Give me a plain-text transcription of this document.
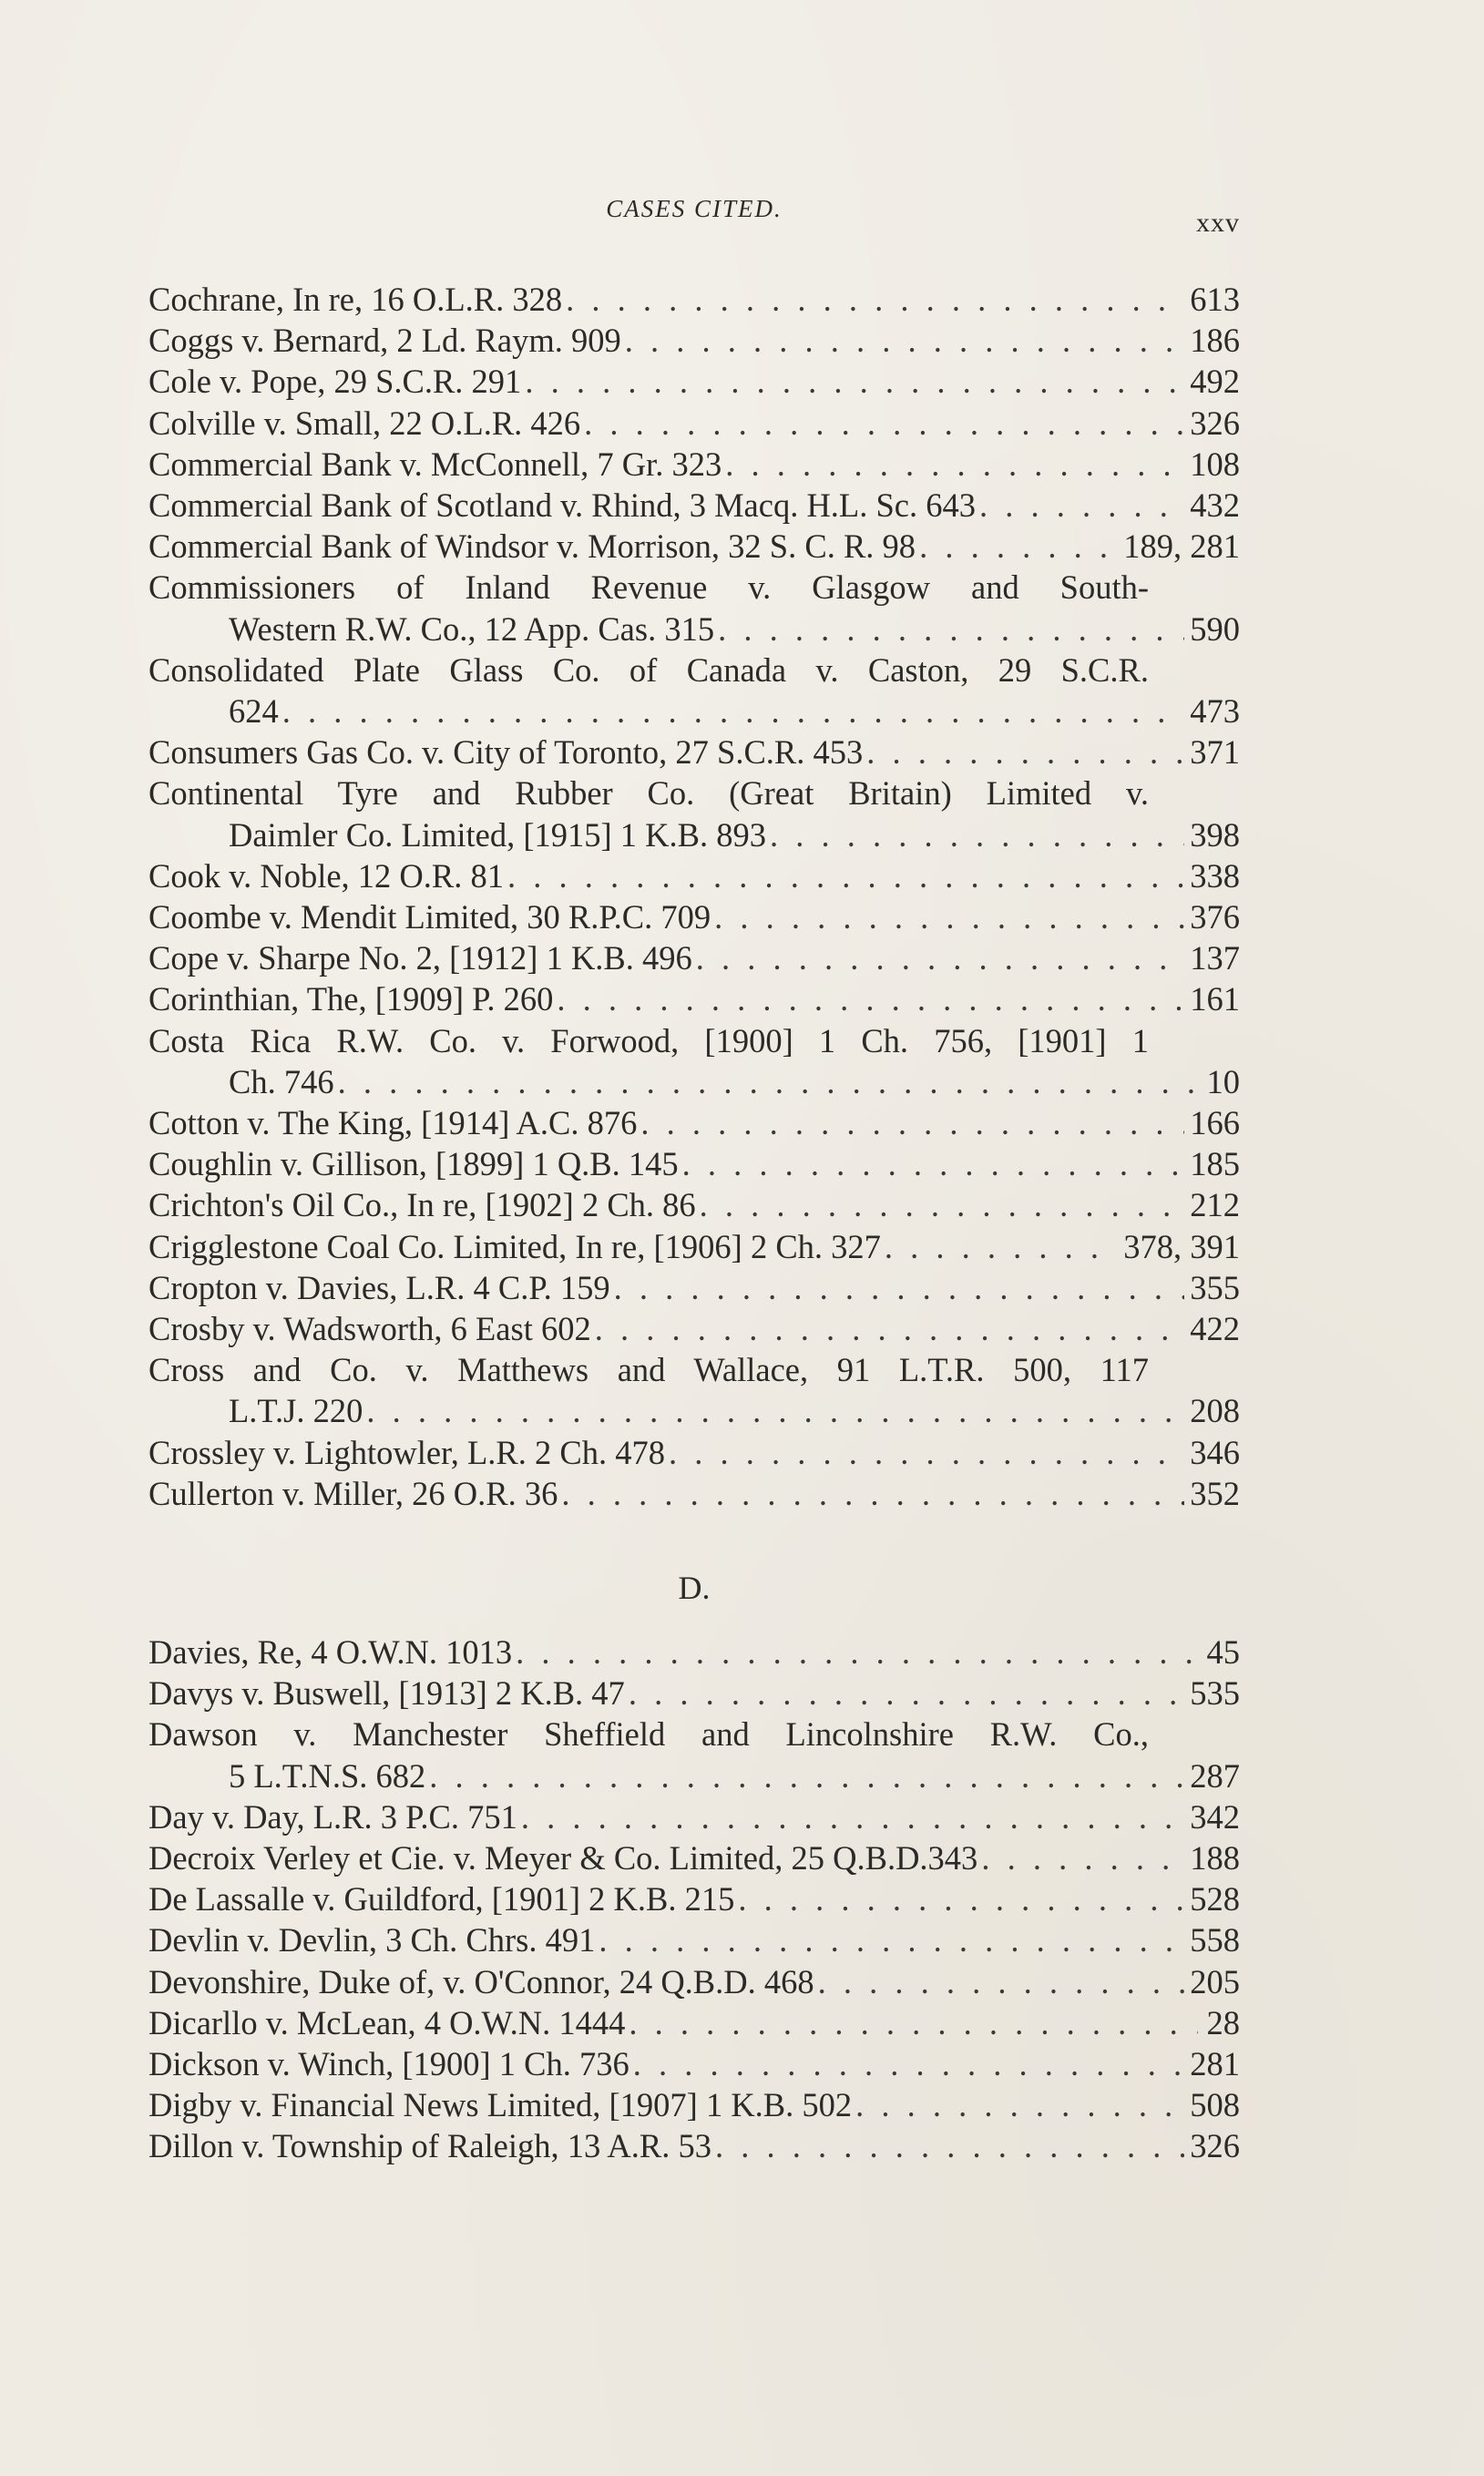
CASES CITED.	xxv
Cochrane, In re, 16 O.L.R. 328 . . .	613
Coggs v. Bernard, 2 Ld. Raym. 909 . . .	186
Cole v. Pope, 29 S.C.R. 291 . . .	492
Colville v. Small, 22 O.L.R. 426 . . .	326
Commercial Bank v. McConnell, 7 Gr. 323 . . .	108
Commercial Bank of Scotland v. Rhind, 3 Macq. H.L. Sc. 643 . . .	432
Commercial Bank of Windsor v. Morrison, 32 S. C. R. 98 . . .	189, 281
Commissioners of Inland Revenue v. Glasgow and South-
Western R.W. Co., 12 App. Cas. 315 . . .	590
Consolidated Plate Glass Co. of Canada v. Caston, 29 S.C.R.
624 . . .	473
Consumers Gas Co. v. City of Toronto, 27 S.C.R. 453 . . .	371
Continental Tyre and Rubber Co. (Great Britain) Limited v.
Daimler Co. Limited, [1915] 1 K.B. 893 . . .	398
Cook v. Noble, 12 O.R. 81 . . .	338
Coombe v. Mendit Limited, 30 R.P.C. 709 . . .	376
Cope v. Sharpe No. 2, [1912] 1 K.B. 496 . . .	137
Corinthian, The, [1909] P. 260 . . .	161
Costa Rica R.W. Co. v. Forwood, [1900] 1 Ch. 756, [1901] 1
Ch. 746 . . .	10
Cotton v. The King, [1914] A.C. 876 . . .	166
Coughlin v. Gillison, [1899] 1 Q.B. 145 . . .	185
Crichton's Oil Co., In re, [1902] 2 Ch. 86 . . .	212
Crigglestone Coal Co. Limited, In re, [1906] 2 Ch. 327 . . .	378, 391
Cropton v. Davies, L.R. 4 C.P. 159 . . .	355
Crosby v. Wadsworth, 6 East 602 . . .	422
Cross and Co. v. Matthews and Wallace, 91 L.T.R. 500, 117
L.T.J. 220 . . .	208
Crossley v. Lightowler, L.R. 2 Ch. 478 . . .	346
Cullerton v. Miller, 26 O.R. 36 . . .	352
D.
Davies, Re, 4 O.W.N. 1013 . . .	45
Davys v. Buswell, [1913] 2 K.B. 47 . . .	535
Dawson v. Manchester Sheffield and Lincolnshire R.W. Co.,
5 L.T.N.S. 682 . . .	287
Day v. Day, L.R. 3 P.C. 751 . . .	342
Decroix Verley et Cie. v. Meyer & Co. Limited, 25 Q.B.D.343 . . .	188
De Lassalle v. Guildford, [1901] 2 K.B. 215 . . .	528
Devlin v. Devlin, 3 Ch. Chrs. 491 . . .	558
Devonshire, Duke of, v. O'Connor, 24 Q.B.D. 468 . . .	205
Dicarllo v. McLean, 4 O.W.N. 1444 . . .	28
Dickson v. Winch, [1900] 1 Ch. 736 . . .	281
Digby v. Financial News Limited, [1907] 1 K.B. 502 . . .	508
Dillon v. Township of Raleigh, 13 A.R. 53 . . .	326
